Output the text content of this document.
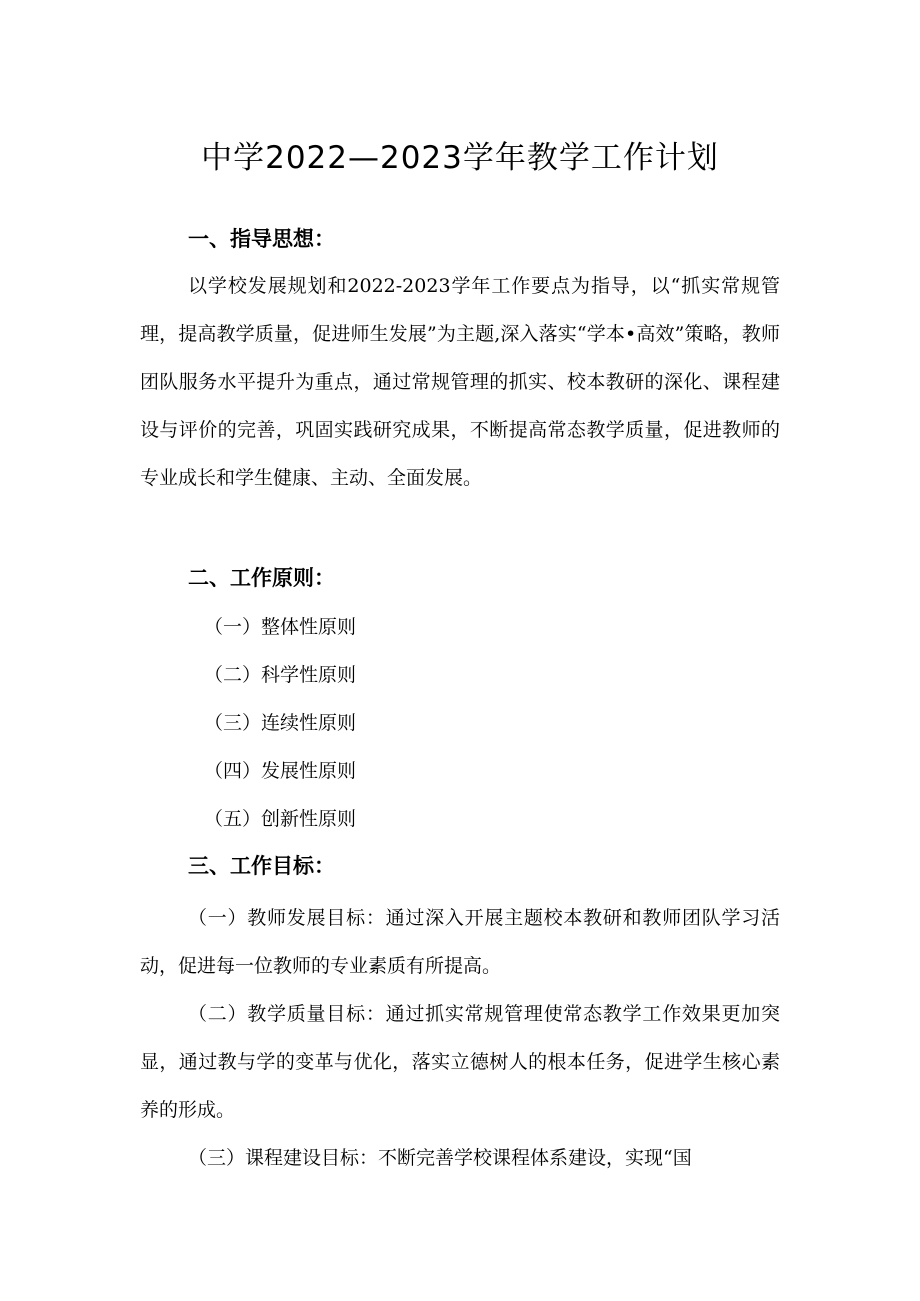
中学2022—2023学年教学工作计划
一、指导思想：

以学校发展规划和2022-2023学年工作要点为指导，以“抓实常规管理，提高教学质量，促进师生发展”为主题,深入落实“学本•高效”策略，教师团队服务水平提升为重点，通过常规管理的抓实、校本教研的深化、课程建设与评价的完善，巩固实践研究成果，不断提高常态教学质量，促进教师的专业成长和学生健康、主动、全面发展。

二、工作原则：
（一）整体性原则
（二）科学性原则
（三）连续性原则
（四）发展性原则
（五）创新性原则
三、工作目标：

（一）教师发展目标：通过深入开展主题校本教研和教师团队学习活动，促进每一位教师的专业素质有所提高。

（二）教学质量目标：通过抓实常规管理使常态教学工作效果更加突显，通过教与学的变革与优化，落实立德树人的根本任务，促进学生核心素养的形成。

（三）课程建设目标：不断完善学校课程体系建设，实现“国
